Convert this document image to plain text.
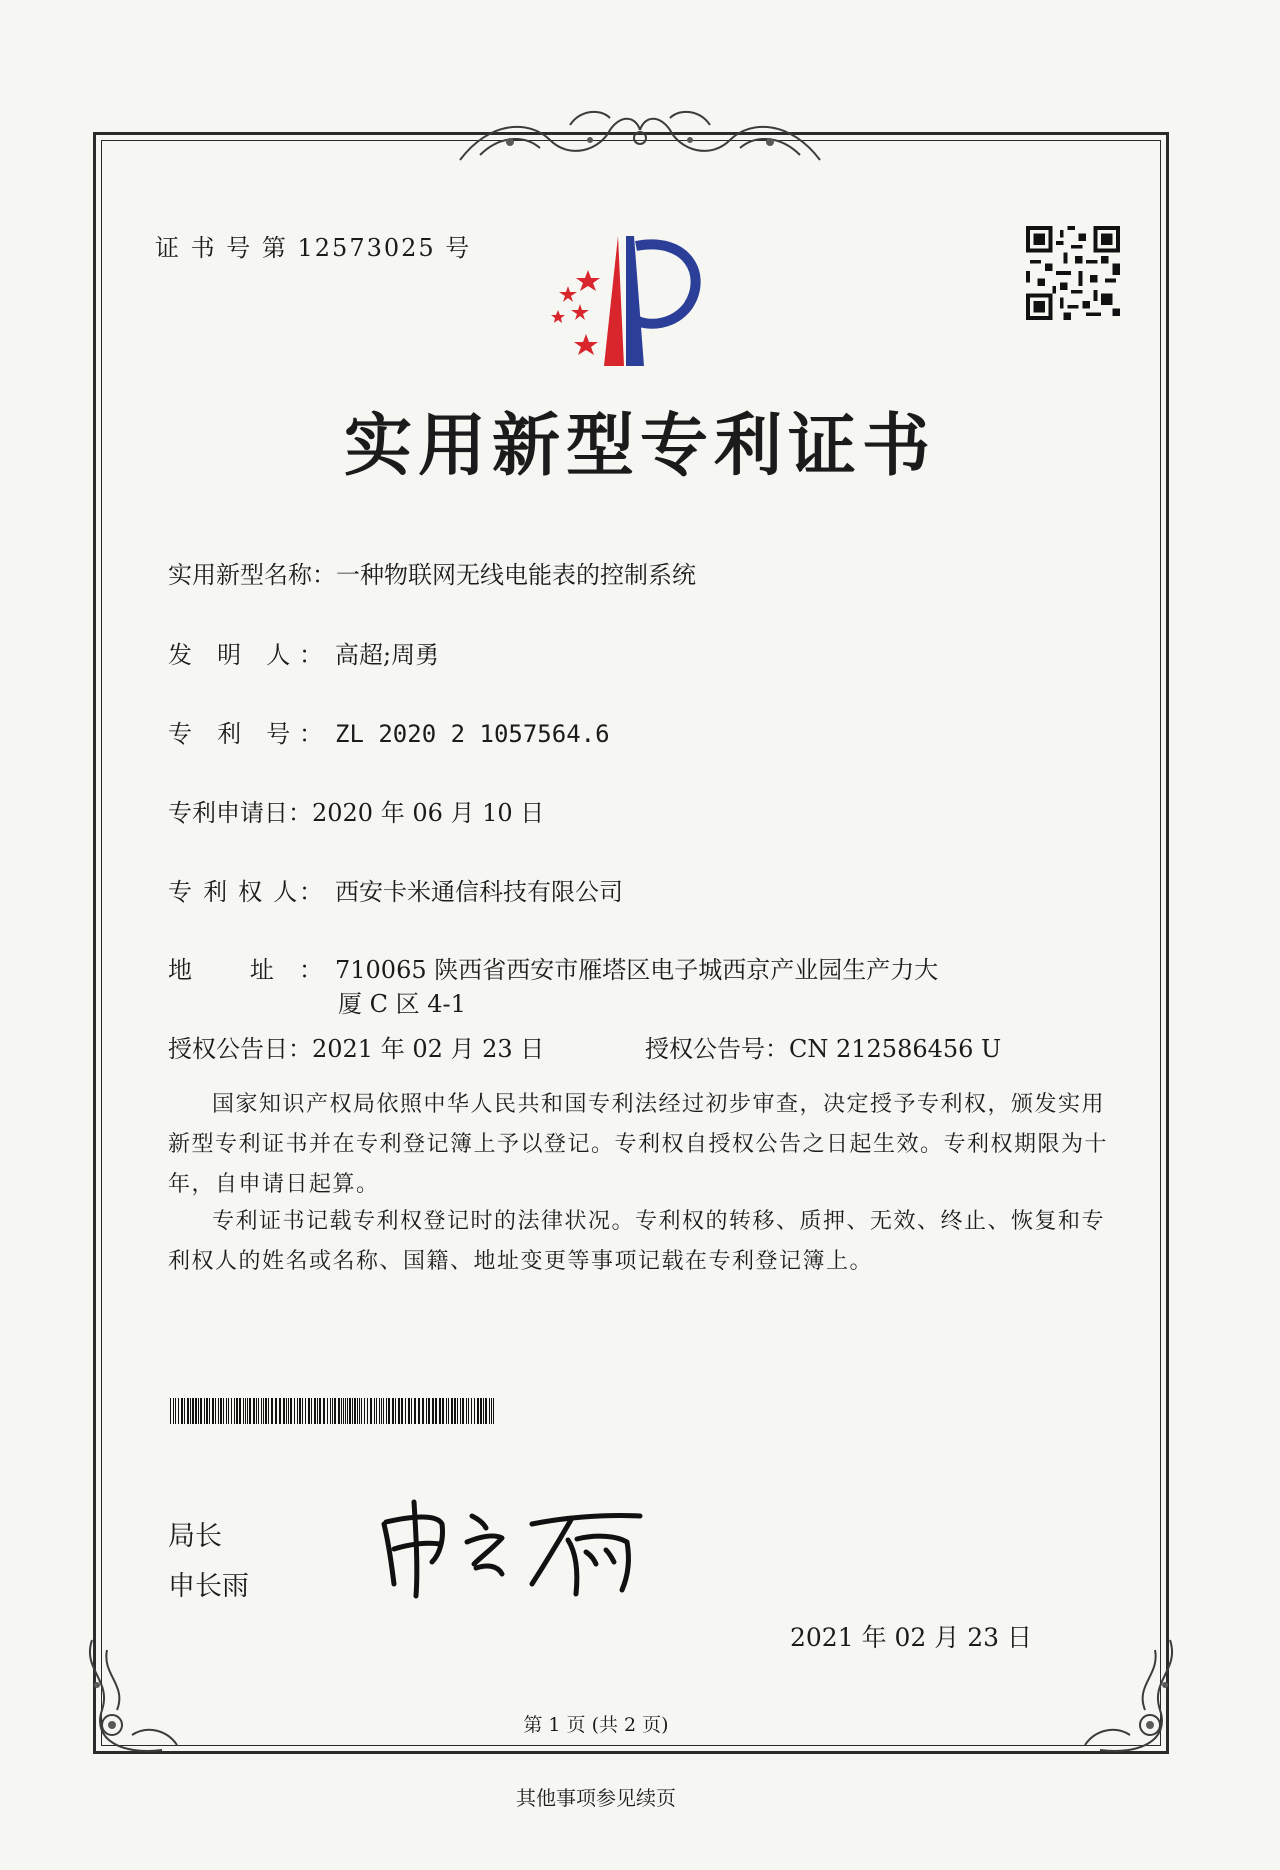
证 书 号 第 12573025 号
实用新型专利证书
实用新型名称：一种物联网无线电能表的控制系统
发 明 人： 高超;周勇
专 利 号： ZL 2020 2 1057564.6
专利申请日：2020 年 06 月 10 日
专 利 权 人： 西安卡米通信科技有限公司
地 址： 710065 陕西省西安市雁塔区电子城西京产业园生产力大
厦 C 区 4-1
授权公告日：2021 年 02 月 23 日	授权公告号：CN 212586456 U
国家知识产权局依照中华人民共和国专利法经过初步审查，决定授予专利权，颁发实用
新型专利证书并在专利登记簿上予以登记。专利权自授权公告之日起生效。专利权期限为十
年，自申请日起算。
专利证书记载专利权登记时的法律状况。专利权的转移、质押、无效、终止、恢复和专
利权人的姓名或名称、国籍、地址变更等事项记载在专利登记簿上。
局长
申长雨
2021 年 02 月 23 日
第 1 页 (共 2 页)
其他事项参见续页
